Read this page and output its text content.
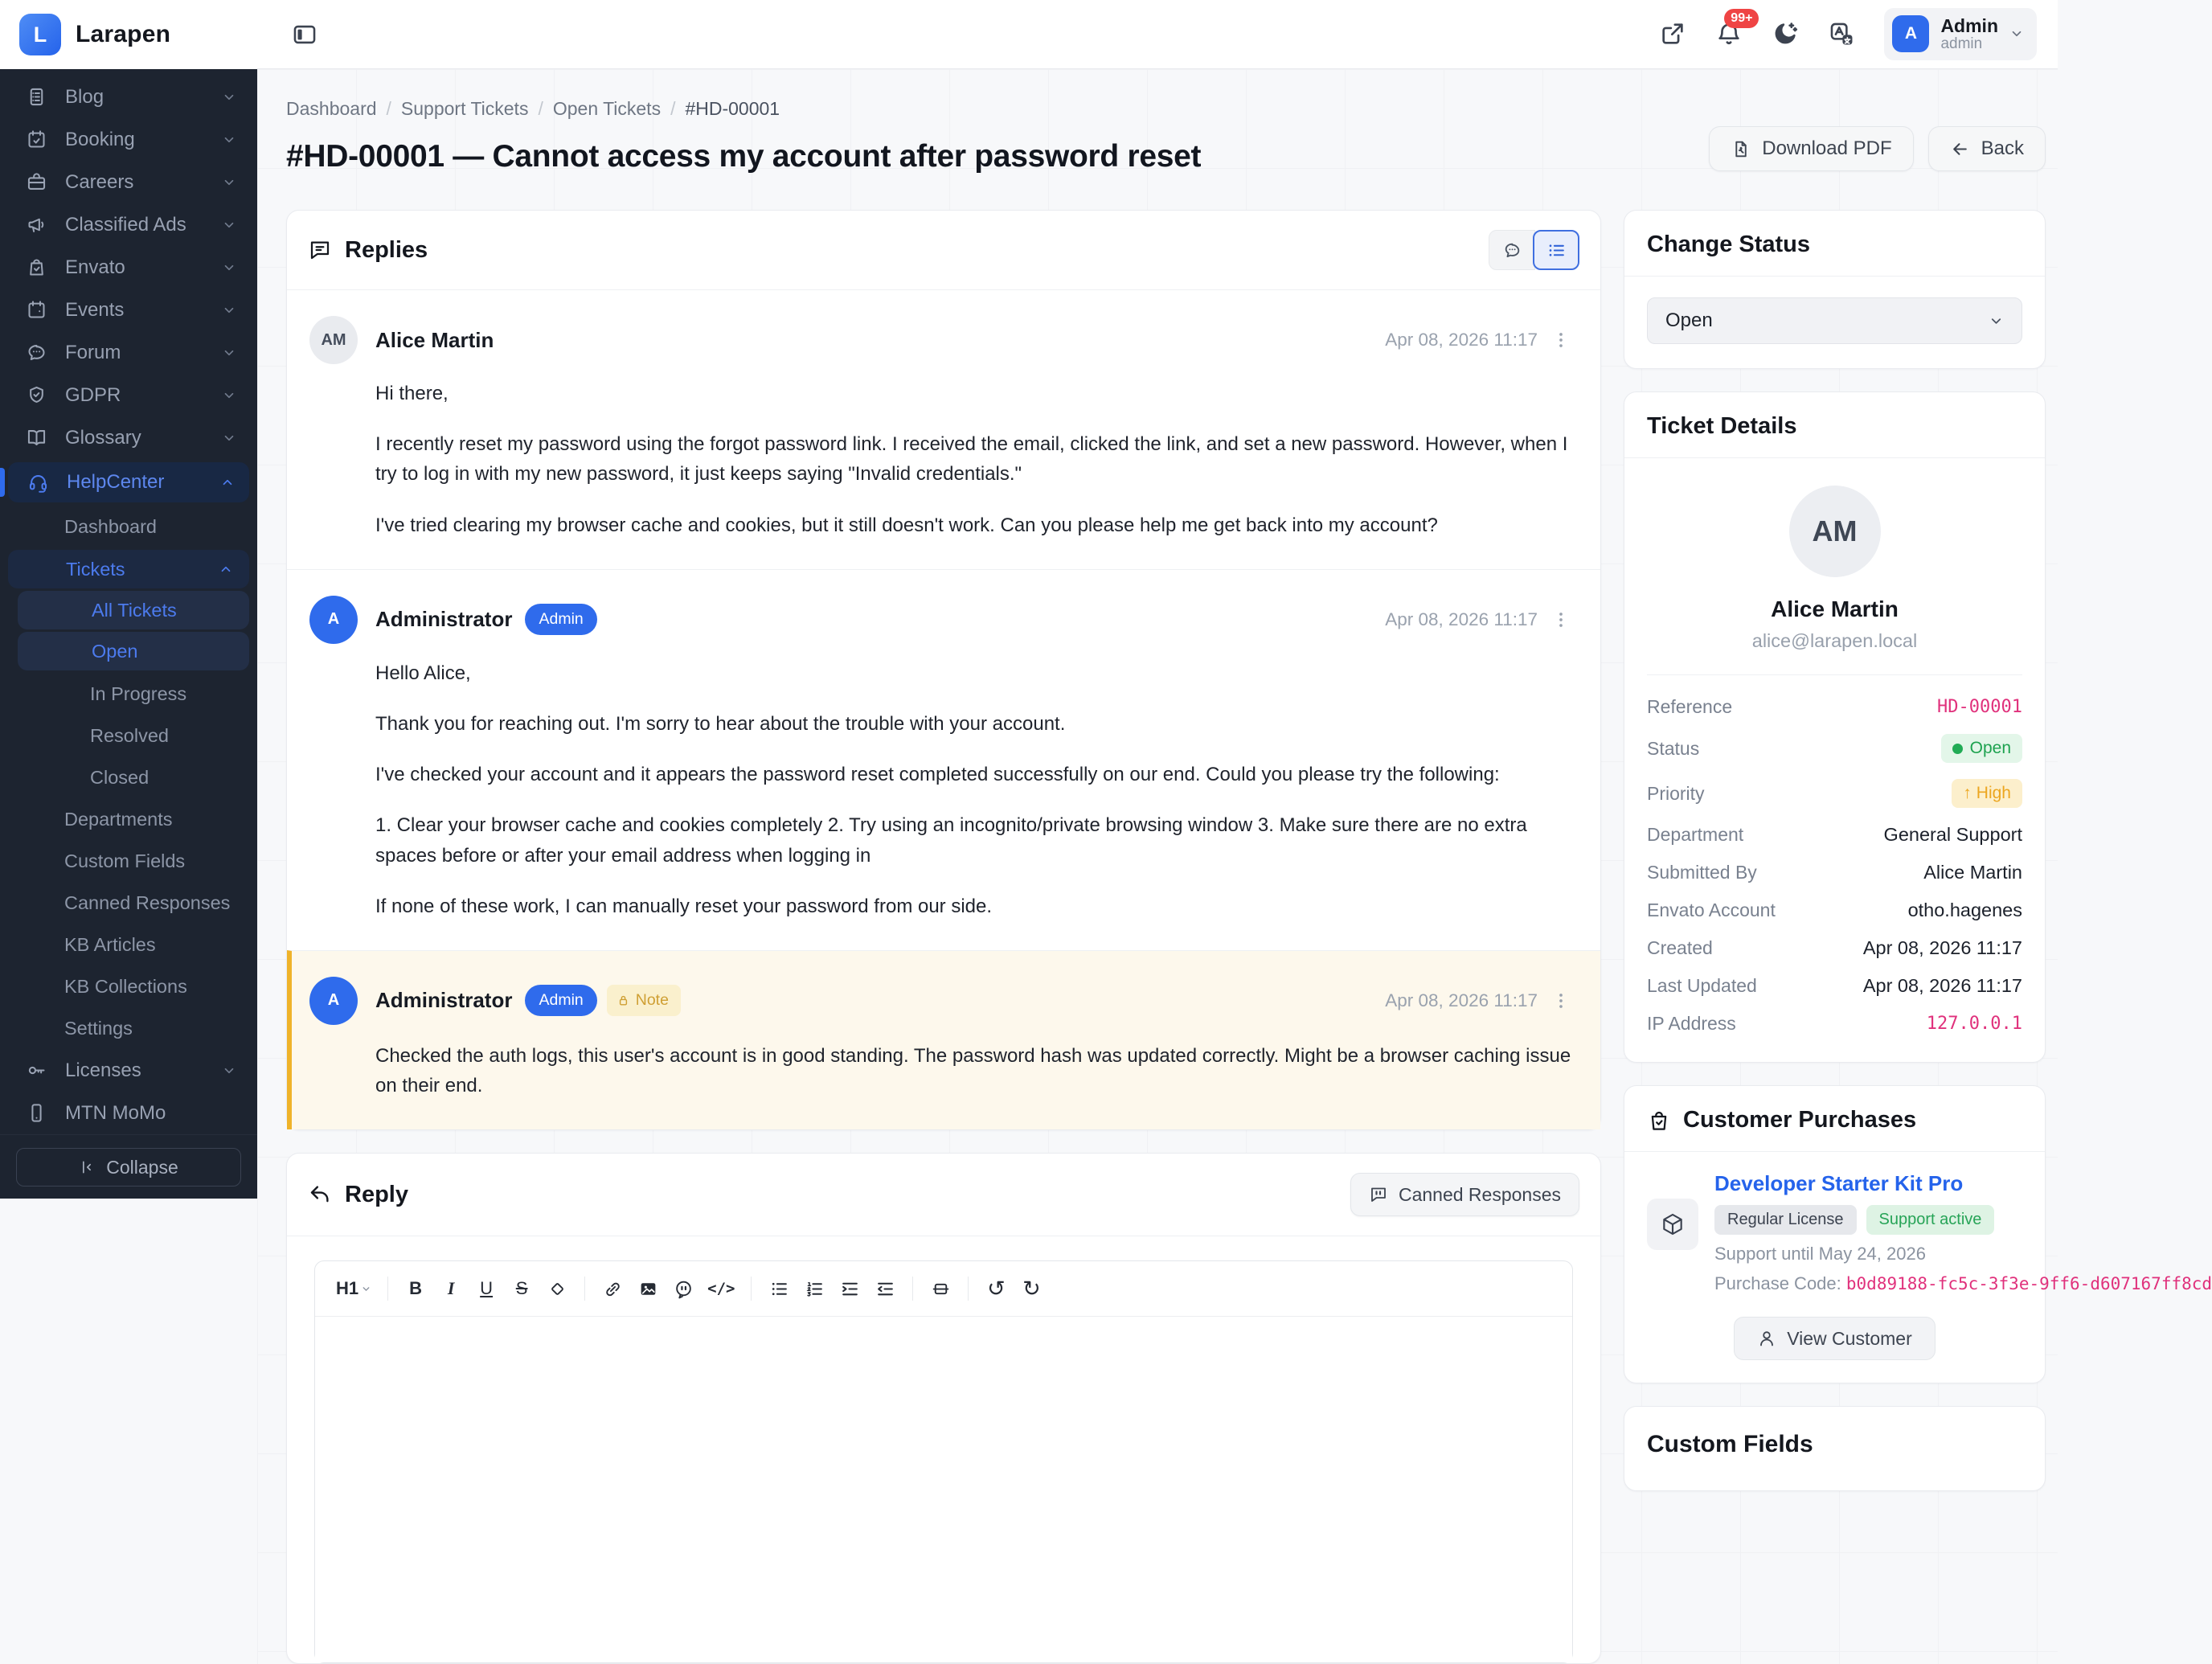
L	Larapen
Blog
Booking
Careers
Classified Ads
Envato
Events
Forum
GDPR
Glossary
HelpCenter
Dashboard
Tickets
All Tickets
Open
In Progress
Resolved
Closed
Departments
Custom Fields
Canned Responses
KB Articles
KB Collections
Settings
Licenses
MTN MoMo
Collapse
99+
A	Admin
admin
Dashboard / Support Tickets / Open Tickets / #HD-00001
#HD-00001 — Cannot access my account after password reset	Download PDF	Back
Replies
AM	Alice Martin	Apr 08, 2026 11:17

Hi there,

I recently reset my password using the forgot password link. I received the email, clicked the link, and set a new password. However, when I try to log in with my new password, it just keeps saying "Invalid credentials."

I've tried clearing my browser cache and cookies, but it still doesn't work. Can you please help me get back into my account?

A	Administrator	Admin	Apr 08, 2026 11:17

Hello Alice,

Thank you for reaching out. I'm sorry to hear about the trouble with your account.

I've checked your account and it appears the password reset completed successfully on our end. Could you please try the following:

1. Clear your browser cache and cookies completely 2. Try using an incognito/private browsing window 3. Make sure there are no extra spaces before or after your email address when logging in

If none of these work, I can manually reset your password from our side.

A	Administrator	Admin	Note	Apr 08, 2026 11:17

Checked the auth logs, this user's account is in good standing. The password hash was updated correctly. Might be a browser caching issue on their end.

Reply	Canned Responses
H1	B	I	U	S	</>	↺ ↻
Change Status
Open
Ticket Details
AM
Alice Martin
alice@larapen.local
Reference	HD-00001
Status	Open
Priority	↑ High
Department	General Support
Submitted By	Alice Martin
Envato Account	otho.hagenes
Created	Apr 08, 2026 11:17
Last Updated	Apr 08, 2026 11:17
IP Address	127.0.0.1
Customer Purchases
Developer Starter Kit Pro
Regular License	Support active
Support until May 24, 2026
Purchase Code: b0d89188-fc5c-3f3e-9ff6-d607167ff8cd
View Customer
Custom Fields
